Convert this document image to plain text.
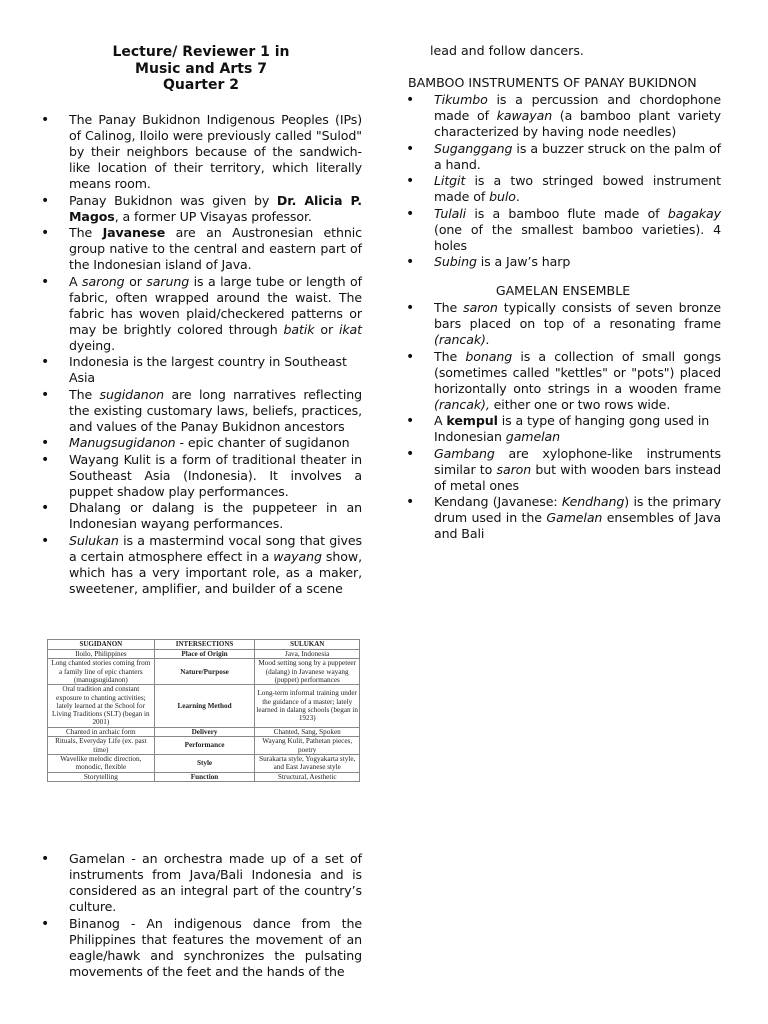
Lecture/ Reviewer 1 in
Music and Arts 7
Quarter 2
• The Panay Bukidnon Indigenous Peoples (IPs) of Calinog, Iloilo were previously called "Sulod" by their neighbors because of the sandwich-like location of their territory, which literally means room.
• Panay Bukidnon was given by Dr. Alicia P. Magos, a former UP Visayas professor.
• The Javanese are an Austronesian ethnic group native to the central and eastern part of the Indonesian island of Java.
• A sarong or sarung is a large tube or length of fabric, often wrapped around the waist. The fabric has woven plaid/checkered patterns or may be brightly colored through batik or ikat dyeing.
• Indonesia is the largest country in Southeast Asia
• The sugidanon are long narratives reflecting the existing customary laws, beliefs, practices, and values of the Panay Bukidnon ancestors
• Manugsugidanon - epic chanter of sugidanon
• Wayang Kulit is a form of traditional theater in Southeast Asia (Indonesia). It involves a puppet shadow play performances.
• Dhalang or dalang is the puppeteer in an Indonesian wayang performances.
• Sulukan is a mastermind vocal song that gives a certain atmosphere effect in a wayang show, which has a very important role, as a maker, sweetener, amplifier, and builder of a scene
• Gamelan - an orchestra made up of a set of instruments from Java/Bali Indonesia and is considered as an integral part of the country’s culture.
• Binanog - An indigenous dance from the Philippines that features the movement of an eagle/hawk and synchronizes the pulsating movements of the feet and the hands of the
SUGIDANON	INTERSECTIONS	SULUKAN
Iloilo, Philippines	Place of Origin	Java, Indonesia
Long chanted stories coming from a family line of epic chanters (manugsugidanon)	Nature/Purpose	Mood setting song by a puppeteer (dalang) in Javanese wayang (puppet) performances
Oral tradition and constant exposure to chanting activities; lately learned at the School for Living Traditions (SLT) (began in 2001)	Learning Method	Long-term informal training under the guidance of a master; lately learned in dalang schools (began in 1923)
Chanted in archaic form	Delivery	Chanted, Sang, Spoken
Rituals, Everyday Life (ex. past time)	Performance	Wayang Kulit, Pathetan pieces, poetry
Wavelike melodic direction, monodic, flexible	Style	Surakarta style, Yogyakarta style, and East Javanese style
Storytelling	Function	Structural, Aesthetic
lead and follow dancers.
BAMBOO INSTRUMENTS OF PANAY BUKIDNON
• Tikumbo is a percussion and chordophone made of kawayan (a bamboo plant variety characterized by having node needles)
• Suganggang is a buzzer struck on the palm of a hand.
• Litgit is a two stringed bowed instrument made of bulo.
• Tulali is a bamboo flute made of bagakay (one of the smallest bamboo varieties). 4 holes
• Subing is a Jaw’s harp
GAMELAN ENSEMBLE
• The saron typically consists of seven bronze bars placed on top of a resonating frame (rancak).
• The bonang is a collection of small gongs (sometimes called "kettles" or "pots") placed horizontally onto strings in a wooden frame (rancak), either one or two rows wide.
• A kempul is a type of hanging gong used in Indonesian gamelan
• Gambang are xylophone-like instruments similar to saron but with wooden bars instead of metal ones
• Kendang (Javanese: Kendhang) is the primary drum used in the Gamelan ensembles of Java and Bali
